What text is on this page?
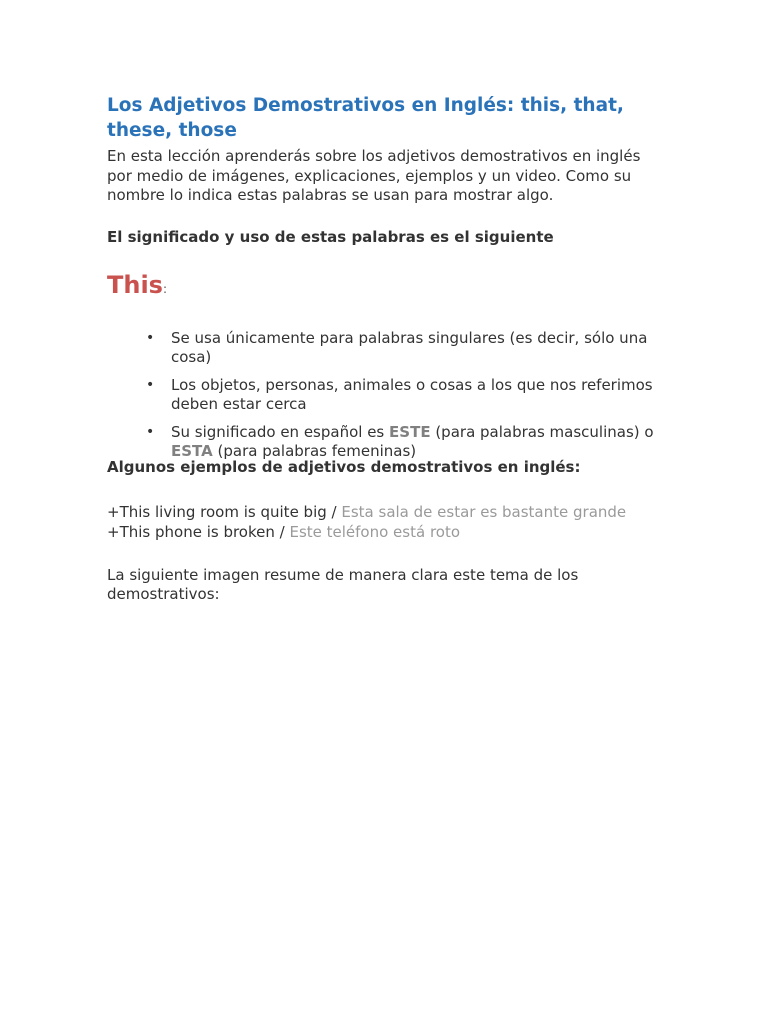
Los Adjetivos Demostrativos en Inglés: this, that, these, those

En esta lección aprenderás sobre los adjetivos demostrativos en inglés por medio de imágenes, explicaciones, ejemplos y un video. Como su nombre lo indica estas palabras se usan para mostrar algo.

El significado y uso de estas palabras es el siguiente

This:
• Se usa únicamente para palabras singulares (es decir, sólo una cosa)
• Los objetos, personas, animales o cosas a los que nos referimos deben estar cerca
• Su significado en español es ESTE (para palabras masculinas) o ESTA (para palabras femeninas)

Algunos ejemplos de adjetivos demostrativos en inglés:

+This living room is quite big / Esta sala de estar es bastante grande
+This phone is broken / Este teléfono está roto

La siguiente imagen resume de manera clara este tema de los demostrativos:
